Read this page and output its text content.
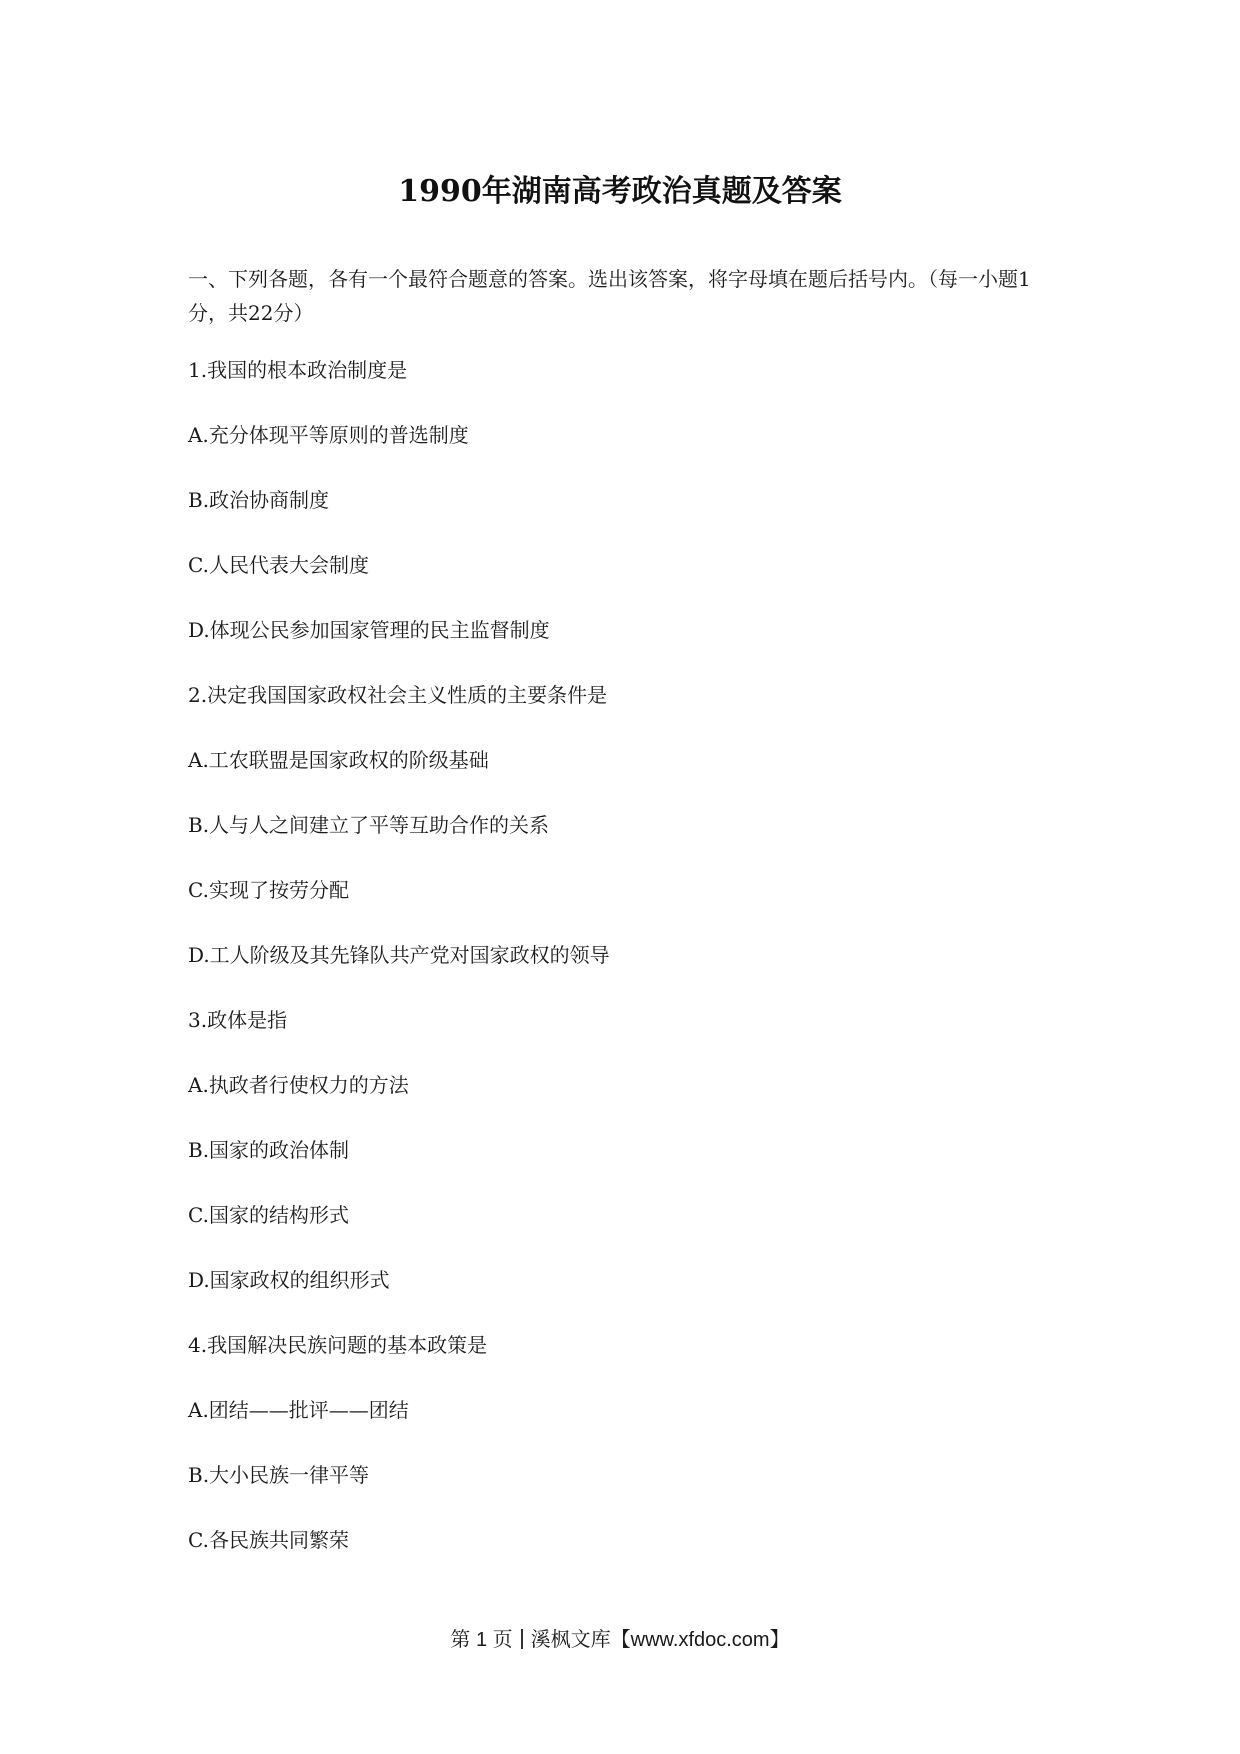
1990年湖南高考政治真题及答案

一、下列各题，各有一个最符合题意的答案。选出该答案，将字母填在题后括号内。（每一小题1分，共22分）

1.我国的根本政治制度是

A.充分体现平等原则的普选制度

B.政治协商制度

C.人民代表大会制度

D.体现公民参加国家管理的民主监督制度

2.决定我国国家政权社会主义性质的主要条件是

A.工农联盟是国家政权的阶级基础

B.人与人之间建立了平等互助合作的关系

C.实现了按劳分配

D.工人阶级及其先锋队共产党对国家政权的领导

3.政体是指

A.执政者行使权力的方法

B.国家的政治体制

C.国家的结构形式

D.国家政权的组织形式

4.我国解决民族问题的基本政策是

A.团结——批评——团结

B.大小民族一律平等

C.各民族共同繁荣

第 1 页 溪枫文库【www.xfdoc.com】
